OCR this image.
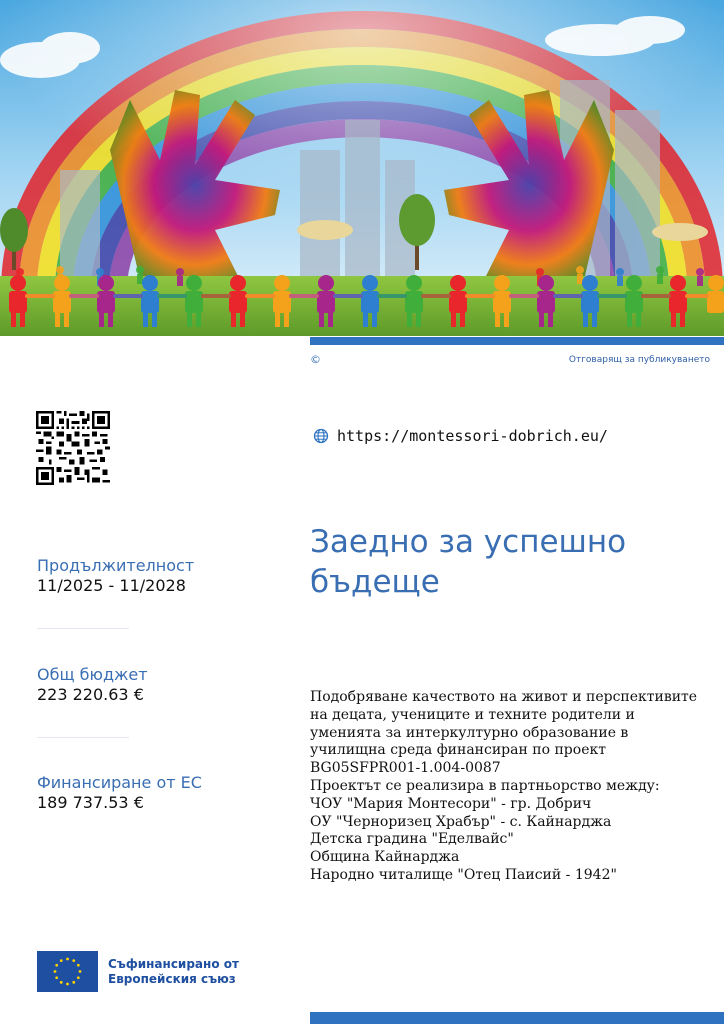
©	Отговарящ за публикуването
https://montessori-dobrich.eu/
Заедно за успешно бъдеще
Продължителност
11/2025 - 11/2028
Общ бюджет
223 220.63 €
Финансиране от ЕС
189 737.53 €

Подобряване качеството на живот и перспективите

на децата, учениците и техните родители и

уменията за интеркултурно образование в

училищна среда финансиран по проект

BG05SFPR001-1.004-0087

Проектът се реализира в партньорство между:

ЧОУ "Мария Монтесори" - гр. Добрич

ОУ "Черноризец Храбър" - с. Кайнарджа

Детска градина "Еделвайс"

Община Кайнарджа

Народно читалище "Отец Паисий - 1942"

Съфинансирано от
Европейския съюз
